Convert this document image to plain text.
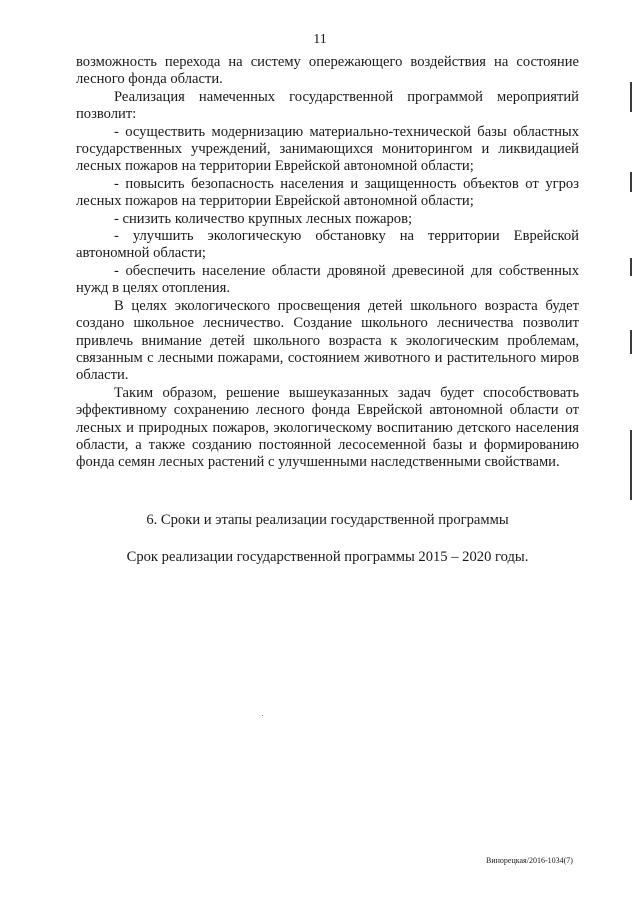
11

возможность перехода на систему опережающего воздействия на состояние лесного фонда области.

Реализация намеченных государственной программой мероприятий позволит:

- осуществить модернизацию материально-технической базы областных государственных учреждений, занимающихся мониторингом и ликвидацией лесных пожаров на территории Еврейской автономной области;

- повысить безопасность населения и защищенность объектов от угроз лесных пожаров на территории Еврейской автономной области;

- снизить количество крупных лесных пожаров;

- улучшить экологическую обстановку на территории Еврейской автономной области;

- обеспечить население области дровяной древесиной для собственных нужд в целях отопления.

В целях экологического просвещения детей школьного возраста будет создано школьное лесничество. Создание школьного лесничества позволит привлечь внимание детей школьного возраста к экологическим проблемам, связанным с лесными пожарами, состоянием животного и растительного миров области.

Таким образом, решение вышеуказанных задач будет способствовать эффективному сохранению лесного фонда Еврейской автономной области от лесных и природных пожаров, экологическому воспитанию детского населения области, а также созданию постоянной лесосеменной базы и формированию фонда семян лесных растений с улучшенными наследственными свойствами.

6. Сроки и этапы реализации государственной программы
Срок реализации государственной программы 2015 – 2020 годы.
Винорецкая/2016-1034(7)
